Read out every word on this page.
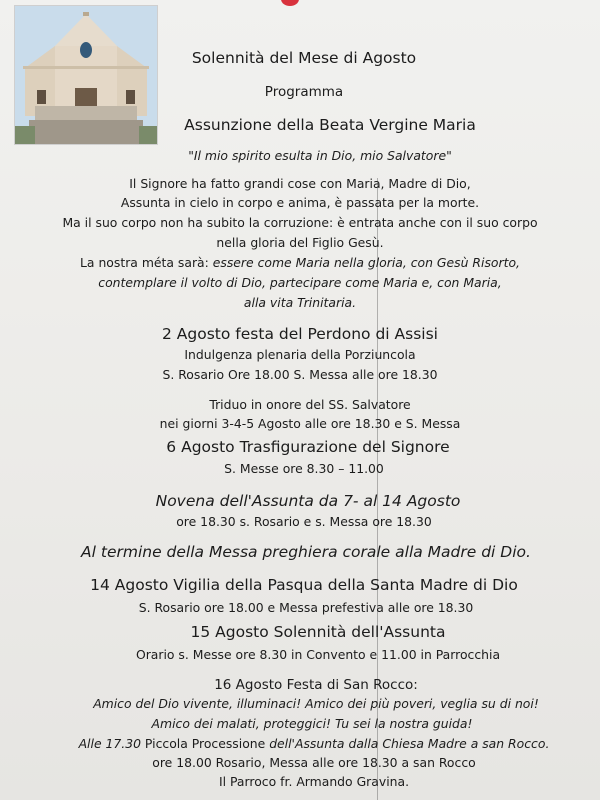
Solennità del Mese di Agosto
Programma
Assunzione della Beata Vergine Maria
"Il mio spirito esulta in Dio, mio Salvatore"
Il Signore ha fatto grandi cose con Maria, Madre di Dio,
Assunta in cielo in corpo e anima, è passata per la morte.
Ma il suo corpo non ha subito la corruzione: è entrata anche con il suo corpo
nella gloria del Figlio Gesù.
La nostra méta sarà: essere come Maria nella gloria, con Gesù Risorto,
contemplare il volto di Dio, partecipare come Maria e, con Maria,
alla vita Trinitaria.
2 Agosto festa del Perdono di Assisi
Indulgenza plenaria della Porziuncola
S. Rosario Ore 18.00 S. Messa alle ore 18.30
Triduo in onore del SS. Salvatore
nei giorni 3-4-5 Agosto alle ore 18.30 e S. Messa
6 Agosto Trasfigurazione del Signore
S. Messe ore 8.30 – 11.00
Novena dell'Assunta da 7- al 14 Agosto
ore 18.30 s. Rosario e s. Messa ore 18.30
Al termine della Messa preghiera corale alla Madre di Dio.
14 Agosto Vigilia della Pasqua della Santa Madre di Dio
S. Rosario ore 18.00 e Messa prefestiva alle ore 18.30
15 Agosto Solennità dell'Assunta
Orario s. Messe ore 8.30 in Convento e 11.00 in Parrocchia
16 Agosto Festa di San Rocco:
Amico del Dio vivente, illuminaci! Amico dei più poveri, veglia su di noi!
Amico dei malati, proteggici! Tu sei la nostra guida!
Alle 17.30 Piccola Processione dell'Assunta dalla Chiesa Madre a san Rocco.
ore 18.00 Rosario, Messa alle ore 18.30 a san Rocco
Il Parroco fr. Armando Gravina.
